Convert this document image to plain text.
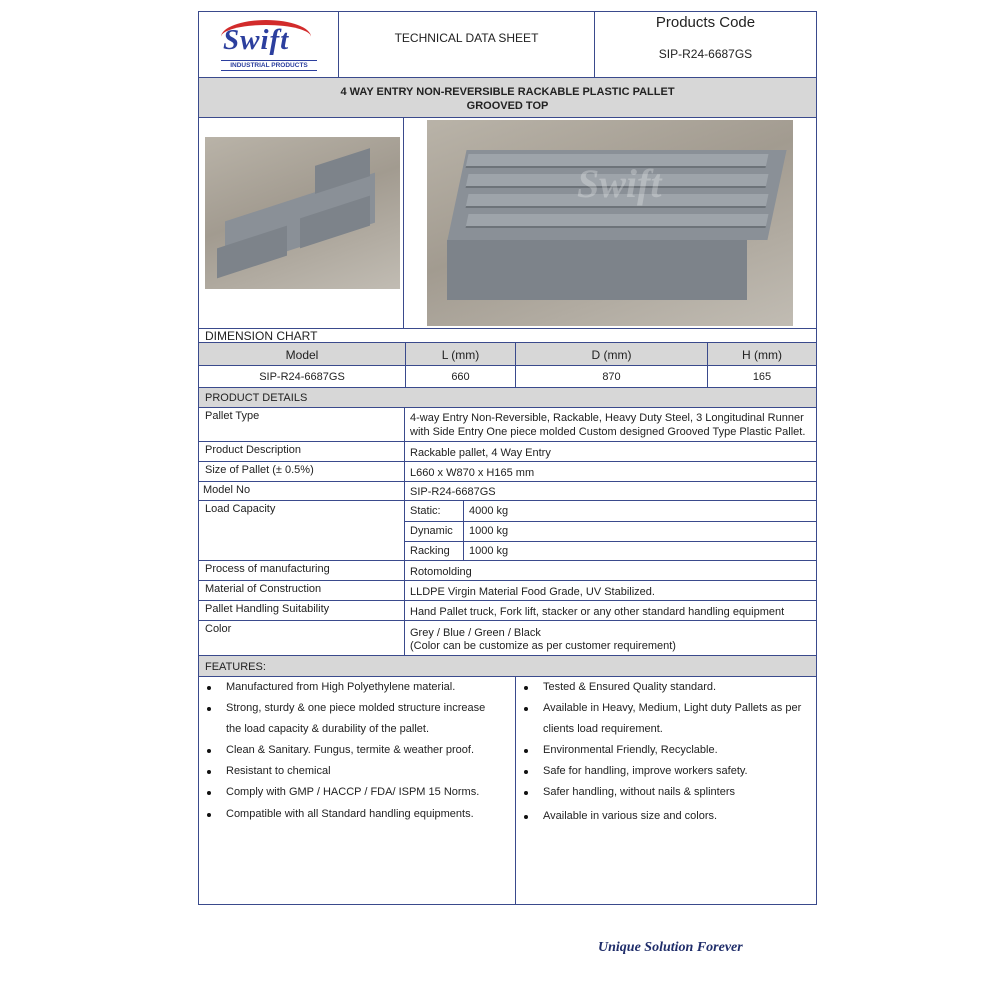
Swift
INDUSTRIAL PRODUCTS
TECHNICAL DATA SHEET
Products Code
SIP-R24-6687GS
4 WAY ENTRY NON-REVERSIBLE RACKABLE PLASTIC PALLET
GROOVED TOP
Swift
DIMENSION CHART
Model	L (mm)	D (mm)	H (mm)
SIP-R24-6687GS	660	870	165
PRODUCT DETAILS
Pallet Type	4-way Entry Non-Reversible, Rackable, Heavy Duty Steel, 3 Longitudinal Runner
with Side Entry One piece molded Custom designed Grooved Type Plastic Pallet.
Product Description	Rackable pallet, 4 Way Entry
Size of Pallet (± 0.5%)	L660 x W870 x H165 mm
Model No	SIP-R24-6687GS
Load Capacity	Static:	4000 kg
Dynamic 1000 kg
Racking 1000 kg
Process of manufacturing	Rotomolding
Material of Construction	LLDPE Virgin Material Food Grade, UV Stabilized.
Pallet Handling Suitability	Hand Pallet truck, Fork lift, stacker or any other standard handling equipment
Color	Grey / Blue / Green / Black
(Color can be customize as per customer requirement)
FEATURES:
Manufactured from High Polyethylene material.
Strong, sturdy & one piece molded structure increase
the load capacity & durability of the pallet.
Clean & Sanitary. Fungus, termite & weather proof.
Resistant to chemical
Comply with GMP / HACCP / FDA/ ISPM 15 Norms.
Compatible with all Standard handling equipments.
Tested & Ensured Quality standard.
Available in Heavy, Medium, Light duty Pallets as per
clients load requirement.
Environmental Friendly, Recyclable.
Safe for handling, improve workers safety.
Safer handling, without nails & splinters
Available in various size and colors.
Unique Solution Forever
